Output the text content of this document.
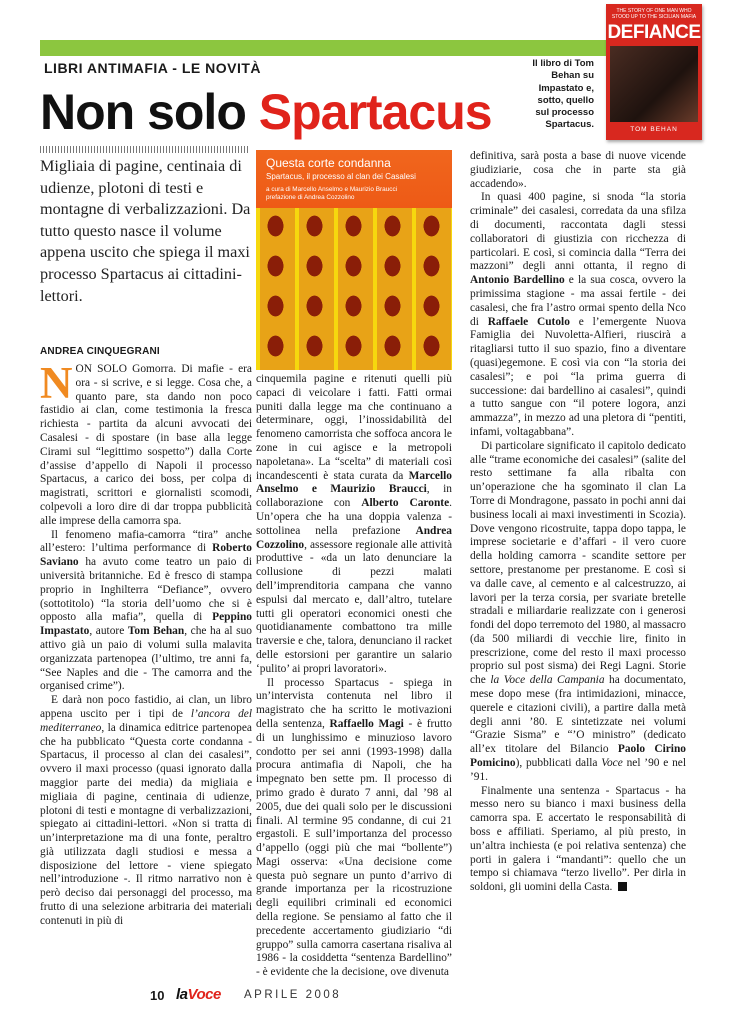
LIBRI ANTIMAFIA - LE NOVITÀ
Non solo Spartacus
Il libro di Tom Behan su Impastato e, sotto, quello sul processo Spartacus.
THE STORY OF ONE MAN WHO STOOD UP TO THE SICILIAN MAFIA
DEFIANCE
TOM BEHAN
Migliaia di pagine, centinaia di udienze, plotoni di testi e montagne di verbalizzazioni. Da tutto questo nasce il volume appena uscito che spiega il maxi processo Spartacus ai cittadini-lettori.
ANDREA CINQUEGRANI
Questa corte condanna
Spartacus, il processo al clan dei Casalesi
a cura di Marcello Anselmo e Maurizio Braucci
prefazione di Andrea Cozzolino

NON SOLO Gomorra. Di mafie - era ora - si scrive, e si legge. Cosa che, a quanto pare, sta dando non poco fastidio ai clan, come testimonia la fresca richiesta - partita da alcuni avvocati dei Casalesi - di spostare (in base alla legge Cirami sul “legittimo sospetto”) dalla Corte d’assise d’appello di Napoli il processo Spartacus, a carico dei boss, per colpa di magistrati, scrittori e giornalisti scomodi, colpevoli a loro dire di dar troppa pubblicità alle imprese della camorra spa.

Il fenomeno mafia-camorra “tira” anche all’estero: l’ultima performance di Roberto Saviano ha avuto come teatro un paio di università britanniche. Ed è fresco di stampa proprio in Inghilterra “Defiance”, ovvero (sottotitolo) “la storia dell’uomo che si è opposto alla mafia”, quella di Peppino Impastato, autore Tom Behan, che ha al suo attivo già un paio di volumi sulla malavita organizzata partenopea (l’ultimo, tre anni fa, “See Naples and die - The camorra and the organised crime”).

E darà non poco fastidio, ai clan, un libro appena uscito per i tipi de l’ancora del mediterraneo, la dinamica editrice partenopea che ha pubblicato “Questa corte condanna - Spartacus, il processo al clan dei casalesi”, ovvero il maxi processo (quasi ignorato dalla maggior parte dei media) da migliaia e migliaia di pagine, centinaia di udienze, plotoni di testi e montagne di verbalizzazioni, spiegato ai cittadini-lettori. «Non si tratta di un’interpretazione ma di una fonte, peraltro già utilizzata dagli studiosi e messa a disposizione del lettore - viene spiegato nell’introduzione -. Il ritmo narrativo non è però deciso dai personaggi del processo, ma frutto di una selezione arbitraria dei materiali contenuti in più di

cinquemila pagine e ritenuti quelli più capaci di veicolare i fatti. Fatti ormai puniti dalla legge ma che continuano a determinare, oggi, l’inossidabilità del fenomeno camorrista che soffoca ancora le zone in cui agisce e la metropoli napoletana». La “scelta” di materiali così incandescenti è stata curata da Marcello Anselmo e Maurizio Braucci, in collaborazione con Alberto Caronte. Un’opera che ha una doppia valenza - sottolinea nella prefazione Andrea Cozzolino, assessore regionale alle attività produttive - «da un lato denunciare la collusione di pezzi malati dell’imprenditoria campana che vanno espulsi dal mercato e, dall’altro, tutelare tutti gli operatori economici onesti che quotidianamente combattono tra mille traversie e che, talora, denunciano il racket delle estorsioni per garantire un salario ‘pulito’ ai propri lavoratori».

Il processo Spartacus - spiega in un’intervista contenuta nel libro il magistrato che ha scritto le motivazioni della sentenza, Raffaello Magi - è frutto di un lunghissimo e minuzioso lavoro condotto per sei anni (1993-1998) dalla procura antimafia di Napoli, che ha impegnato ben sette pm. Il processo di primo grado è durato 7 anni, dal ’98 al 2005, due dei quali solo per le discussioni finali. Al termine 95 condanne, di cui 21 ergastoli. E sull’importanza del processo d’appello (oggi più che mai “bollente”) Magi osserva: «Una decisione come questa può segnare un punto d’arrivo di grande importanza per la ricostruzione degli equilibri criminali ed economici della regione. Se pensiamo al fatto che il precedente accertamento giudiziario “di gruppo” sulla camorra casertana risaliva al 1986 - la cosiddetta “sentenza Bardellino” - è evidente che la decisione, ove divenuta

definitiva, sarà posta a base di nuove vicende giudiziarie, cosa che in parte sta già accadendo».

In quasi 400 pagine, si snoda “la storia criminale” dei casalesi, corredata da una sfilza di documenti, raccontata dagli stessi collaboratori di giustizia con ricchezza di particolari. E così, si comincia dalla “Terra dei mazzoni” degli anni ottanta, il regno di Antonio Bardellino e la sua cosca, ovvero la primissima stagione - ma assai fertile - dei casalesi, che fra l’astro ormai spento della Nco di Raffaele Cutolo e l’emergente Nuova Famiglia dei Nuvoletta-Alfieri, riuscirà a ritagliarsi tutto il suo spazio, fino a diventare (quasi)egemone. E così via con “la storia dei casalesi”; e poi “la prima guerra di successione: dai bardellino ai casalesi”, quindi a tutto sangue con “il potere logora, anzi ammazza”, in mezzo ad una pletora di “pentiti, infami, voltagabbana”.

Di particolare significato il capitolo dedicato alle “trame economiche dei casalesi” (salite del resto settimane fa alla ribalta con un’operazione che ha sgominato il clan La Torre di Mondragone, passato in pochi anni dai business locali ai maxi investimenti in Scozia). Dove vengono ricostruite, tappa dopo tappa, le imprese societarie e d’affari - il vero cuore della holding camorra - scandite settore per settore, prestanome per prestanome. E così si va dalle cave, al cemento e al calcestruzzo, ai lavori per la terza corsia, per svariate bretelle stradali e miliardarie realizzate con i generosi fondi del dopo terremoto del 1980, al massacro (da 500 miliardi di vecchie lire, finito in prescrizione, come del resto il maxi processo proprio sul post sisma) dei Regi Lagni. Storie che la Voce della Campania ha documentato, mese dopo mese (fra intimidazioni, minacce, querele e citazioni civili), a partire dalla metà degli anni ’80. E sintetizzate nei volumi “Grazie Sisma” e “’O ministro” (dedicato all’ex titolare del Bilancio Paolo Cirino Pomicino), pubblicati dalla Voce nel ’90 e nel ’91.

Finalmente una sentenza - Spartacus - ha messo nero su bianco i maxi business della camorra spa. E accertato le responsabilità di boss e affiliati. Speriamo, al più presto, in un’altra inchiesta (e poi relativa sentenza) che porti in galera i “mandanti”: quello che un tempo si chiamava “terzo livello”. Per dirla in soldoni, gli uomini della Casta.

10 laVoce APRILE 2008
